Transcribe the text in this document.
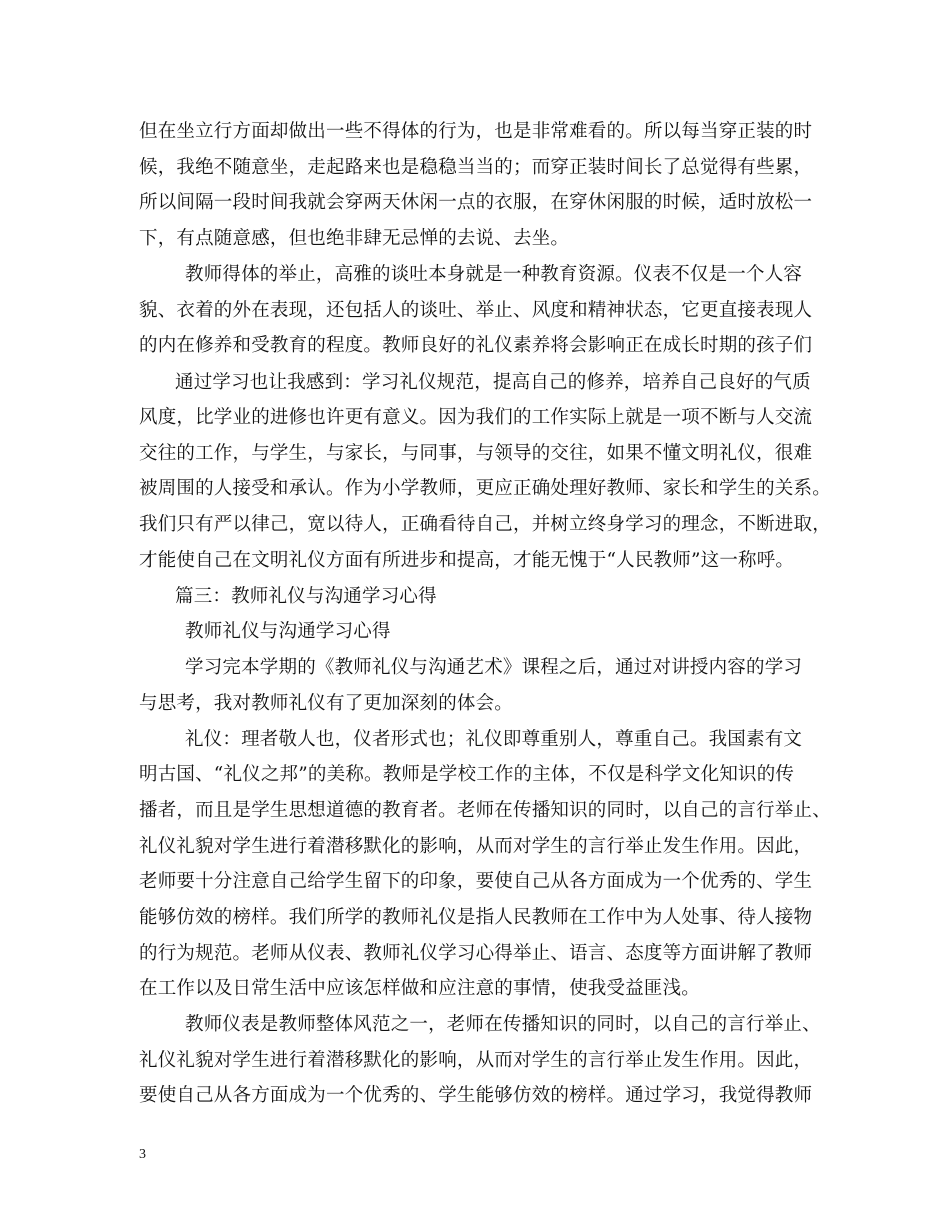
但在坐立行方面却做出一些不得体的行为，也是非常难看的。所以每当穿正装的时
候，我绝不随意坐，走起路来也是稳稳当当的；而穿正装时间长了总觉得有些累，
所以间隔一段时间我就会穿两天休闲一点的衣服，在穿休闲服的时候，适时放松一
下，有点随意感，但也绝非肆无忌惮的去说、去坐。
教师得体的举止，高雅的谈吐本身就是一种教育资源。仪表不仅是一个人容
貌、衣着的外在表现，还包括人的谈吐、举止、风度和精神状态，它更直接表现人
的内在修养和受教育的程度。教师良好的礼仪素养将会影响正在成长时期的孩子们
通过学习也让我感到：学习礼仪规范，提高自己的修养，培养自己良好的气质
风度，比学业的进修也许更有意义。因为我们的工作实际上就是一项不断与人交流
交往的工作，与学生，与家长，与同事，与领导的交往，如果不懂文明礼仪，很难
被周围的人接受和承认。作为小学教师，更应正确处理好教师、家长和学生的关系。
我们只有严以律己，宽以待人，正确看待自己，并树立终身学习的理念，不断进取，
才能使自己在文明礼仪方面有所进步和提高，才能无愧于“人民教师”这一称呼。
篇三：教师礼仪与沟通学习心得
教师礼仪与沟通学习心得
学习完本学期的《教师礼仪与沟通艺术》课程之后，通过对讲授内容的学习
与思考，我对教师礼仪有了更加深刻的体会。
礼仪：理者敬人也，仪者形式也；礼仪即尊重别人，尊重自己。我国素有文
明古国、“礼仪之邦”的美称。教师是学校工作的主体，不仅是科学文化知识的传
播者，而且是学生思想道德的教育者。老师在传播知识的同时，以自己的言行举止、
礼仪礼貌对学生进行着潜移默化的影响，从而对学生的言行举止发生作用。因此，
老师要十分注意自己给学生留下的印象，要使自己从各方面成为一个优秀的、学生
能够仿效的榜样。我们所学的教师礼仪是指人民教师在工作中为人处事、待人接物
的行为规范。老师从仪表、教师礼仪学习心得举止、语言、态度等方面讲解了教师
在工作以及日常生活中应该怎样做和应注意的事情，使我受益匪浅。
教师仪表是教师整体风范之一，老师在传播知识的同时，以自己的言行举止、
礼仪礼貌对学生进行着潜移默化的影响，从而对学生的言行举止发生作用。因此，
要使自己从各方面成为一个优秀的、学生能够仿效的榜样。通过学习，我觉得教师
3
